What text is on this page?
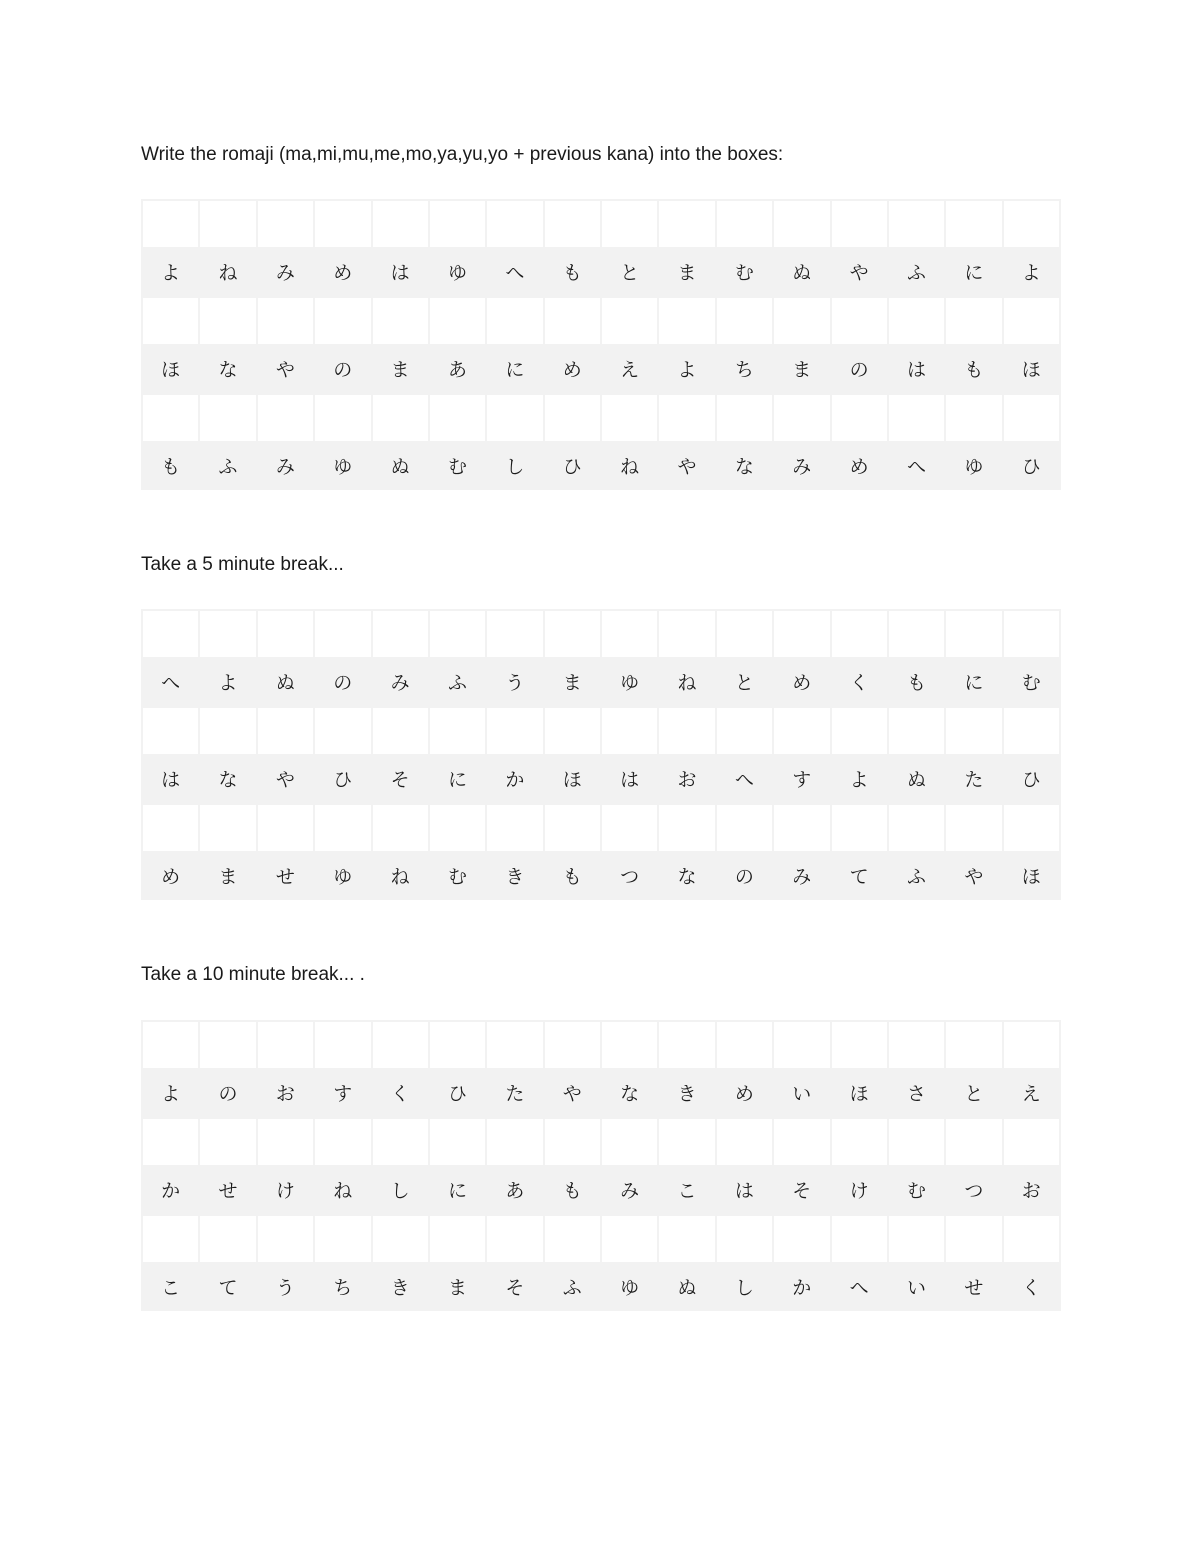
Write the romaji (ma,mi,mu,me,mo,ya,yu,yo + previous kana) into the boxes:
よ	ね	み	め	は	ゆ	へ	も	と	ま	む	ぬ	や	ふ	に	よ
ほ	な	や	の	ま	あ	に	め	え	よ	ち	ま	の	は	も	ほ
も	ふ	み	ゆ	ぬ	む	し	ひ	ね	や	な	み	め	へ	ゆ	ひ
Take a 5 minute break...
へ	よ	ぬ	の	み	ふ	う	ま	ゆ	ね	と	め	く	も	に	む
は	な	や	ひ	そ	に	か	ほ	は	お	へ	す	よ	ぬ	た	ひ
め	ま	せ	ゆ	ね	む	き	も	つ	な	の	み	て	ふ	や	ほ
Take a 10 minute break... .
よ	の	お	す	く	ひ	た	や	な	き	め	い	ほ	さ	と	え
か	せ	け	ね	し	に	あ	も	み	こ	は	そ	け	む	つ	お
こ	て	う	ち	き	ま	そ	ふ	ゆ	ぬ	し	か	へ	い	せ	く
